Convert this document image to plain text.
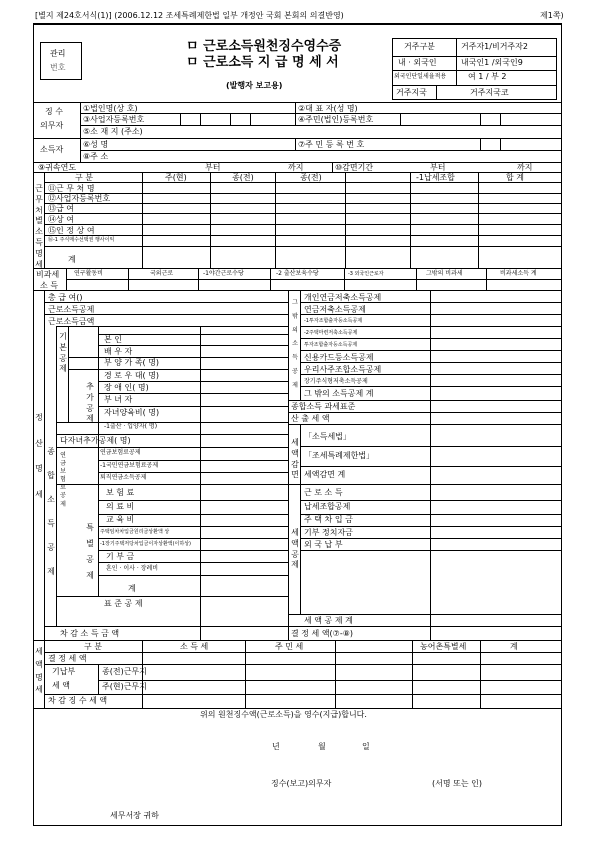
[별지 제24호서식(1)] (2006.12.12 조세특례제한법 일부 개정안 국회 본회의 의결반영)	제1쪽)
관리
번호
ㅁ 근로소득원천징수영수증
ㅁ 근로소득 지 급 명 세 서
(발행자 보고용)
거주구분	거주자1/비거주자2
내 · 외국인	내국인1 /외국인9
외국인단일세율적용	여 1 / 부 2
거주지국	거주지국코
징 수
의무자
①법인명(상 호)	②대 표 자(성 명)
③사업자등록번호	④주민(법인)등록번호
⑤소 재 지 (주소)
소득자
⑥성 명	⑦주 민 등 록 번 호
⑧주 소
⑨귀속연도	부터	까지	⑩감면기간	부터	까지
근무처별소득명세
구 분	주(현)	종(전)	종(전)	-1납세조합	합 계
⑪근 무 처 명
⑫사업자등록번호
⑬급 여
⑭상 여
⑮인 정 상 여
⑯-1 주식매수선택권 행사이익
계
비과세
소 득
연구활동비	국외근로	-1야간근로수당	-2 출산보육수당	-3 외국인근로자	그밖의 비과세	비과세소득 계
정 산 명 세
총 급 여()
근로소득공제
근로소득금액
종합소득공제
기본공제
본 인
배 우 자
부 양 가 족( 명)
추가공제
경 로 우 대( 명)
장 애 인( 명)
부 녀 자
자녀양육비( 명)
-1출산 · 입양자( 명)
다자녀추가공제( 명)
연금보험료공제
연금보험료공제
-1국민연금보험료공제
퇴직연금소득공제
특별공제
보 험 료
의 료 비
교 육 비
주택임차차입금원리금상환액 상
-1장기주택저당차입금이자상환액(이하상)
기 부 금
혼인 · 이사 · 장례비
계
표 준 공 제
차 감 소 득 금 액
그 밖의 소득공제
개인연금저축소득공제
연금저축소득공제
-1투자조합출자등소득공제
-2주택마련저축소득공제
투자조합출자등소득공제
신용카드등소득공제
우리사주조합소득공제
장기주식형저축소득공제
그 밖의 소득공제 계
종합소득 과세표준
산 출 세 액
세액감면
「소득세법」
「조세특례제한법」
세액감면 계
세액공제
근 로 소 득
납세조합공제
주 택 차 입 금
기부 정치자금
외 국 납 부
세 액 공 제 계
결 정 세 액(⑦-⑧)
세액명세
구 분	소 득 세	주 민 세	농어촌특별세	계
결 정 세 액
기납부
세 액
종(전)근무지
주(현)근무지
차 감 징 수 세 액
위의 원천징수액(근로소득)을 영수(지급)합니다.
년	월	일
징수(보고)의무자	(서명 또는 인)
세무서장 귀하
